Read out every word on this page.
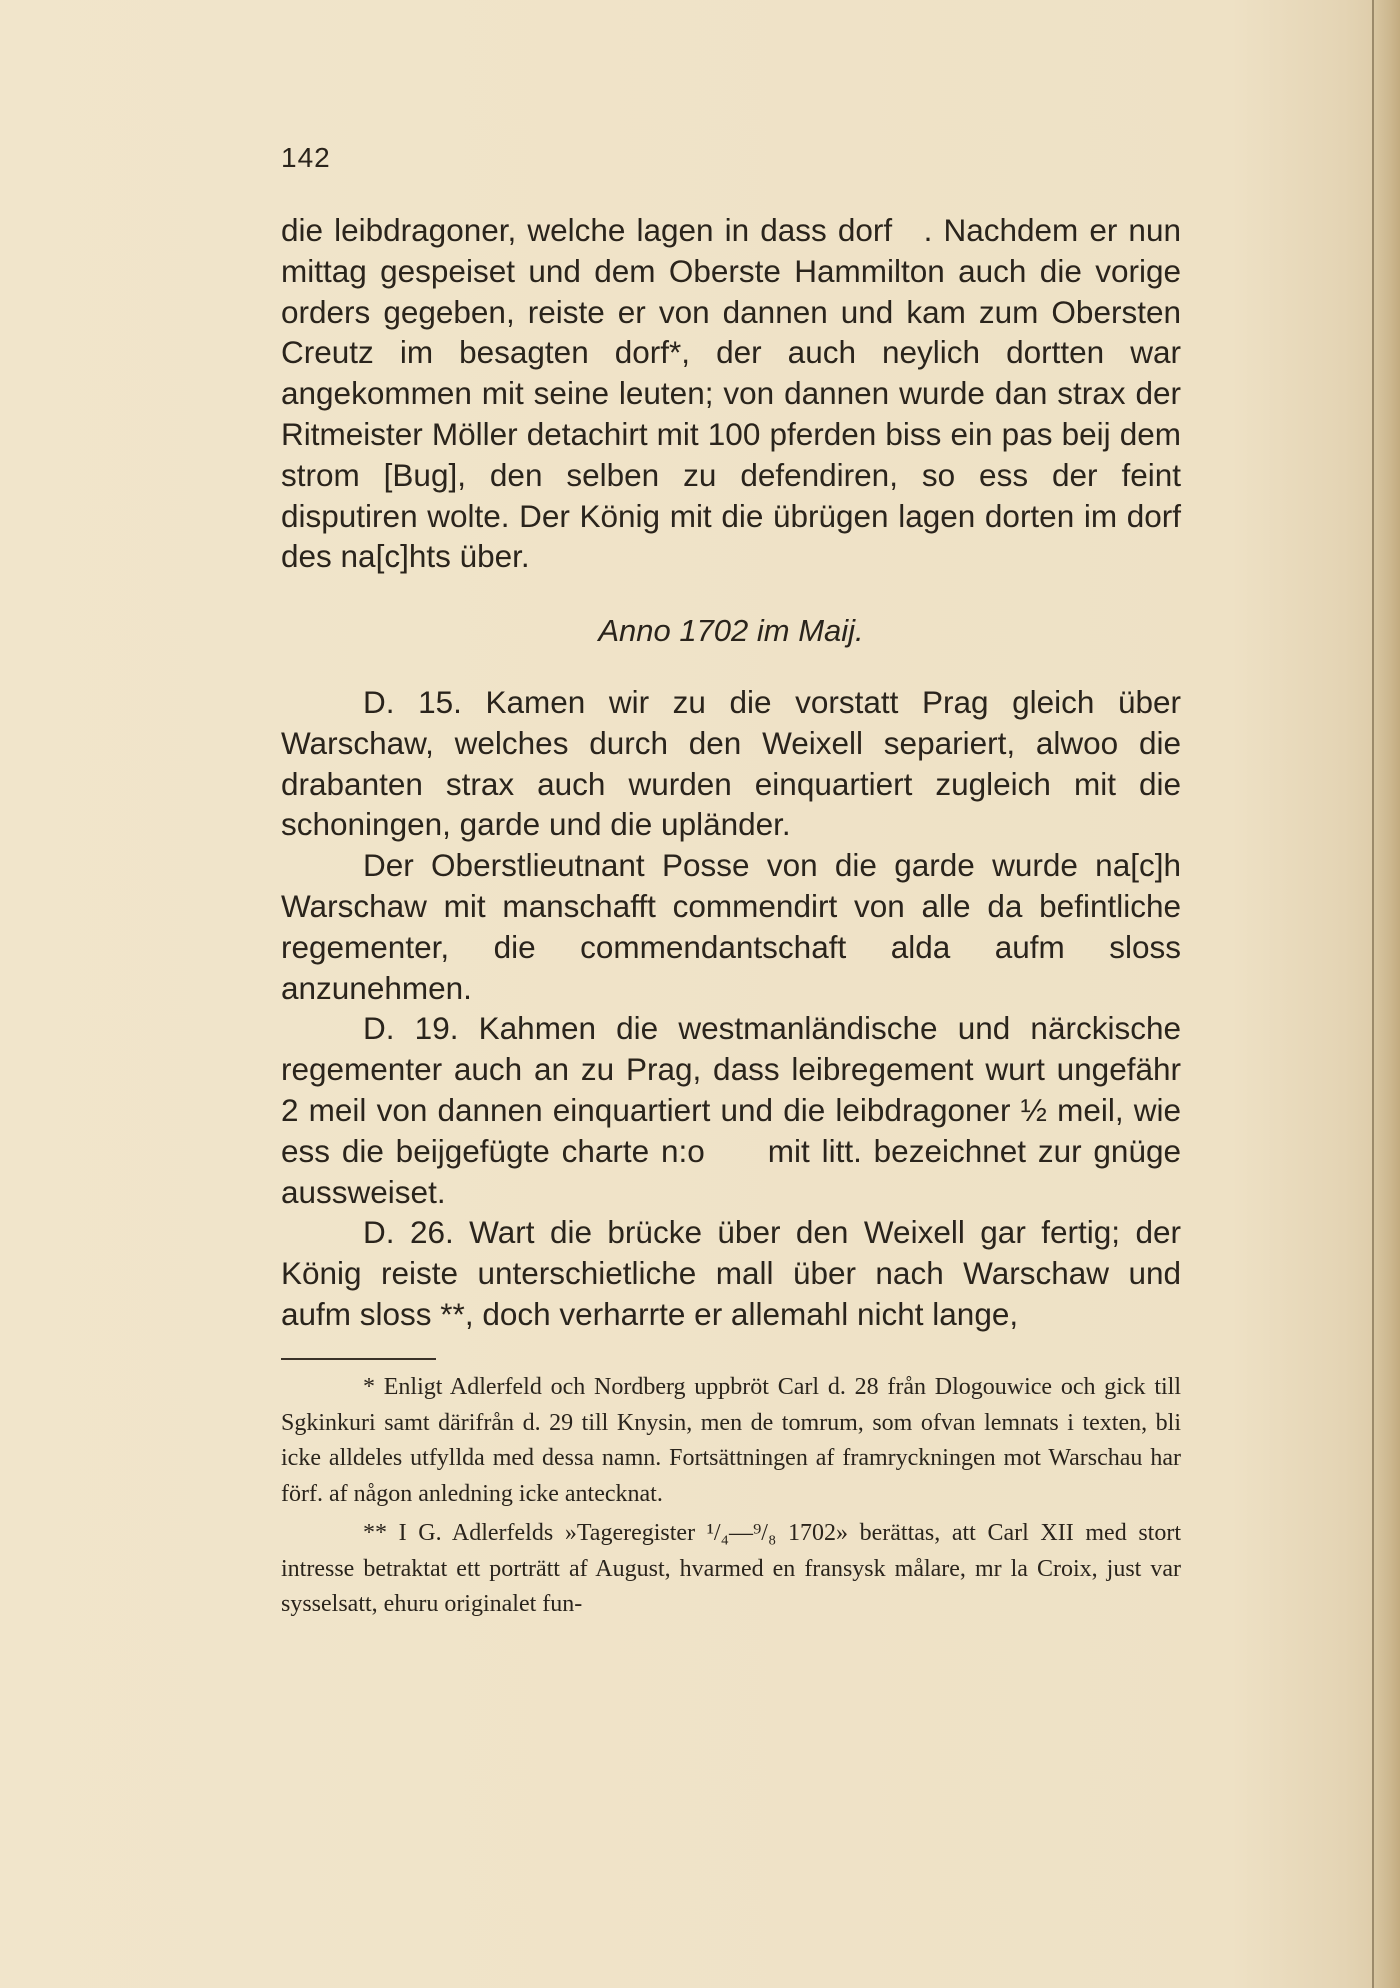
142

die leibdragoner, welche lagen in dass dorf . Nachdem er nun mittag gespeiset und dem Oberste Hammilton auch die vorige orders gegeben, reiste er von dannen und kam zum Obersten Creutz im besagten dorf*, der auch neylich dortten war angekommen mit seine leuten; von dannen wurde dan strax der Ritmeister Möller detachirt mit 100 pferden biss ein pas beij dem strom [Bug], den selben zu defendiren, so ess der feint disputiren wolte. Der König mit die übrügen lagen dorten im dorf des na[c]hts über.

Anno 1702 im Maij.

D. 15. Kamen wir zu die vorstatt Prag gleich über Warschaw, welches durch den Weixell separiert, alwoo die drabanten strax auch wurden einquartiert zugleich mit die schoningen, garde und die upländer.

Der Oberstlieutnant Posse von die garde wurde na[c]h Warschaw mit manschafft commendirt von alle da befintliche regementer, die commendantschaft alda aufm sloss anzunehmen.

D. 19. Kahmen die westmanländische und närckische regementer auch an zu Prag, dass leibregement wurt ungefähr 2 meil von dannen einquartiert und die leibdragoner ½ meil, wie ess die beijgefügte charte n:o  mit litt. bezeichnet zur gnüge aussweiset.

D. 26. Wart die brücke über den Weixell gar fertig; der König reiste unterschietliche mall über nach Warschaw und aufm sloss **, doch verharrte er allemahl nicht lange,

* Enligt Adlerfeld och Nordberg uppbröt Carl d. 28 från Dlogouwice och gick till Sgkinkuri samt därifrån d. 29 till Knysin, men de tomrum, som ofvan lemnats i texten, bli icke alldeles utfyllda med dessa namn. Fortsättningen af framryckningen mot Warschau har förf. af någon anledning icke antecknat.

** I G. Adlerfelds »Tageregister ¹/₄—⁹/₈ 1702» berättas, att Carl XII med stort intresse betraktat ett porträtt af August, hvarmed en fransysk målare, mr la Croix, just var sysselsatt, ehuru originalet fun-
